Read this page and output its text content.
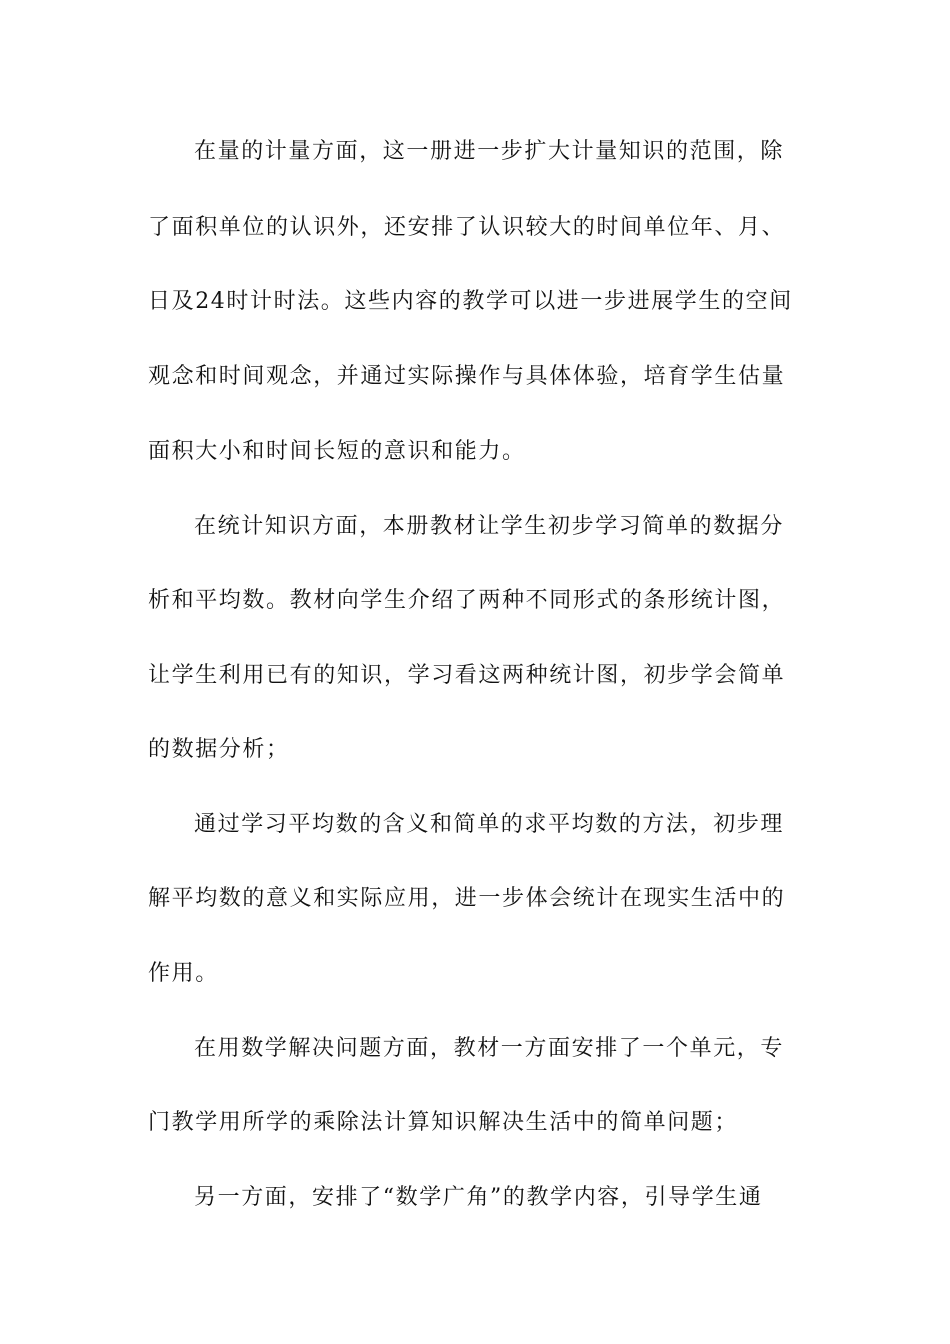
在量的计量方面，这一册进一步扩大计量知识的范围，除
了面积单位的认识外，还安排了认识较大的时间单位年、月、
日及24时计时法。这些内容的教学可以进一步进展学生的空间
观念和时间观念，并通过实际操作与具体体验，培育学生估量
面积大小和时间长短的意识和能力。
在统计知识方面，本册教材让学生初步学习简单的数据分
析和平均数。教材向学生介绍了两种不同形式的条形统计图，
让学生利用已有的知识，学习看这两种统计图，初步学会简单
的数据分析；
通过学习平均数的含义和简单的求平均数的方法，初步理
解平均数的意义和实际应用，进一步体会统计在现实生活中的
作用。
在用数学解决问题方面，教材一方面安排了一个单元，专
门教学用所学的乘除法计算知识解决生活中的简单问题；
另一方面，安排了“数学广角”的教学内容，引导学生通
